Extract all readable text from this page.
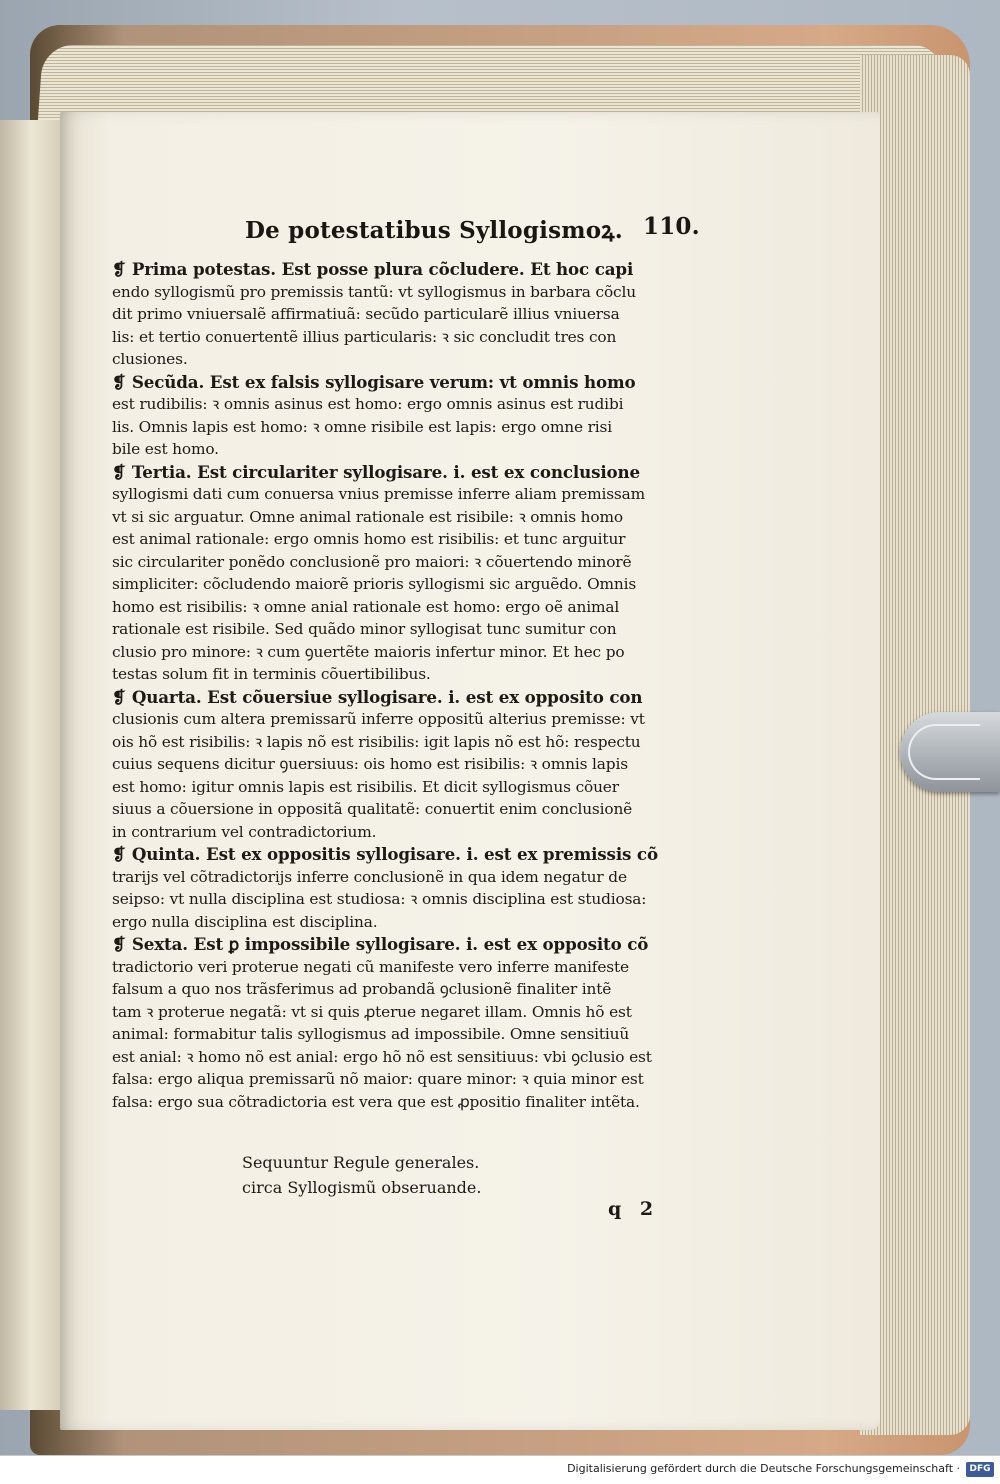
De potestatibus Syllogismoꝝ. 110.
❡ Prima potestas. Est posse plura cõcludere. Et hoc capi
endo syllogismũ pro premissis tantũ: vt syllogismus in barbara cõclu
dit primo vniuersalẽ affirmatiuã: secũdo particularẽ illius vniuersa
lis: et tertio conuertentẽ illius particularis: ꝛ sic concludit tres con
clusiones.
❡ Secũda. Est ex falsis syllogisare verum: vt omnis homo
est rudibilis: ꝛ omnis asinus est homo: ergo omnis asinus est rudibi
lis. Omnis lapis est homo: ꝛ omne risibile est lapis: ergo omne risi
bile est homo.
❡ Tertia. Est circulariter syllogisare. i. est ex conclusione
syllogismi dati cum conuersa vnius premisse inferre aliam premissam
vt si sic arguatur. Omne animal rationale est risibile: ꝛ omnis homo
est animal rationale: ergo omnis homo est risibilis: et tunc arguitur
sic circulariter ponẽdo conclusionẽ pro maiori: ꝛ cõuertendo minorẽ
simpliciter: cõcludendo maiorẽ prioris syllogismi sic arguẽdo. Omnis
homo est risibilis: ꝛ omne anial rationale est homo: ergo oẽ animal
rationale est risibile. Sed quãdo minor syllogisat tunc sumitur con
clusio pro minore: ꝛ cum ꝯuertẽte maioris infertur minor. Et hec po
testas solum fit in terminis cõuertibilibus.
❡ Quarta. Est cõuersiue syllogisare. i. est ex opposito con
clusionis cum altera premissarũ inferre oppositũ alterius premisse: vt
ois hõ est risibilis: ꝛ lapis nõ est risibilis: igit lapis nõ est hõ: respectu
cuius sequens dicitur ꝯuersiuus: ois homo est risibilis: ꝛ omnis lapis
est homo: igitur omnis lapis est risibilis. Et dicit syllogismus cõuer
siuus a cõuersione in oppositã qualitatẽ: conuertit enim conclusionẽ
in contrarium vel contradictorium.
❡ Quinta. Est ex oppositis syllogisare. i. est ex premissis cõ
trarijs vel cõtradictorijs inferre conclusionẽ in qua idem negatur de
seipso: vt nulla disciplina est studiosa: ꝛ omnis disciplina est studiosa:
ergo nulla disciplina est disciplina.
❡ Sexta. Est ꝑ impossibile syllogisare. i. est ex opposito cõ
tradictorio veri proterue negati cũ manifeste vero inferre manifeste
falsum a quo nos trãsferimus ad probandã ꝯclusionẽ finaliter intẽ
tam ꝛ proterue negatã: vt si quis ꝓterue negaret illam. Omnis hõ est
animal: formabitur talis syllogismus ad impossibile. Omne sensitiuũ
est anial: ꝛ homo nõ est anial: ergo hõ nõ est sensitiuus: vbi ꝯclusio est
falsa: ergo aliqua premissarũ nõ maior: quare minor: ꝛ quia minor est
falsa: ergo sua cõtradictoria est vera que est ꝓpositio finaliter intẽta.
Sequuntur Regule generales.
circa Syllogismũ obseruande.
q 2
Digitalisierung gefördert durch die Deutsche Forschungsgemeinschaft ·	DFG
